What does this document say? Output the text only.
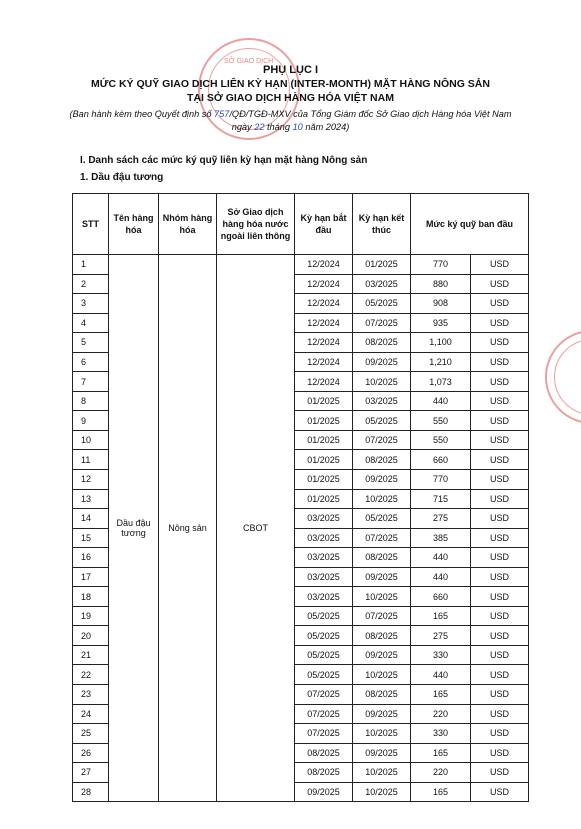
SỞ GIAO DỊCH
PHỤ LỤC I
MỨC KÝ QUỸ GIAO DỊCH LIÊN KỲ HẠN (INTER-MONTH) MẶT HÀNG NÔNG SẢN
TẠI SỞ GIAO DỊCH HÀNG HÓA VIỆT NAM
(Ban hành kèm theo Quyết định số 757/QĐ/TGĐ-MXV của Tổng Giám đốc Sở Giao dịch Hàng hóa Việt Nam
ngày 22 tháng 10 năm 2024)
I. Danh sách các mức ký quỹ liên kỳ hạn mặt hàng Nông sản
1. Dầu đậu tương
STT	Tên hàng hóa	Nhóm hàng hóa	Sở Giao dịch hàng hóa nước ngoài liên thông	Kỳ hạn bắt đầu	Kỳ hạn kết thúc	Mức ký quỹ ban đầu	
1	Dầu đậu tương	Nông sản	CBOT	12/2024	01/2025	770	USD
2				12/2024	03/2025	880	USD
3				12/2024	05/2025	908	USD
4				12/2024	07/2025	935	USD
5				12/2024	08/2025	1,100	USD
6				12/2024	09/2025	1,210	USD
7				12/2024	10/2025	1,073	USD
8				01/2025	03/2025	440	USD
9				01/2025	05/2025	550	USD
10				01/2025	07/2025	550	USD
11				01/2025	08/2025	660	USD
12				01/2025	09/2025	770	USD
13				01/2025	10/2025	715	USD
14				03/2025	05/2025	275	USD
15				03/2025	07/2025	385	USD
16				03/2025	08/2025	440	USD
17				03/2025	09/2025	440	USD
18				03/2025	10/2025	660	USD
19				05/2025	07/2025	165	USD
20				05/2025	08/2025	275	USD
21				05/2025	09/2025	330	USD
22				05/2025	10/2025	440	USD
23				07/2025	08/2025	165	USD
24				07/2025	09/2025	220	USD
25				07/2025	10/2025	330	USD
26				08/2025	09/2025	165	USD
27				08/2025	10/2025	220	USD
28				09/2025	10/2025	165	USD
